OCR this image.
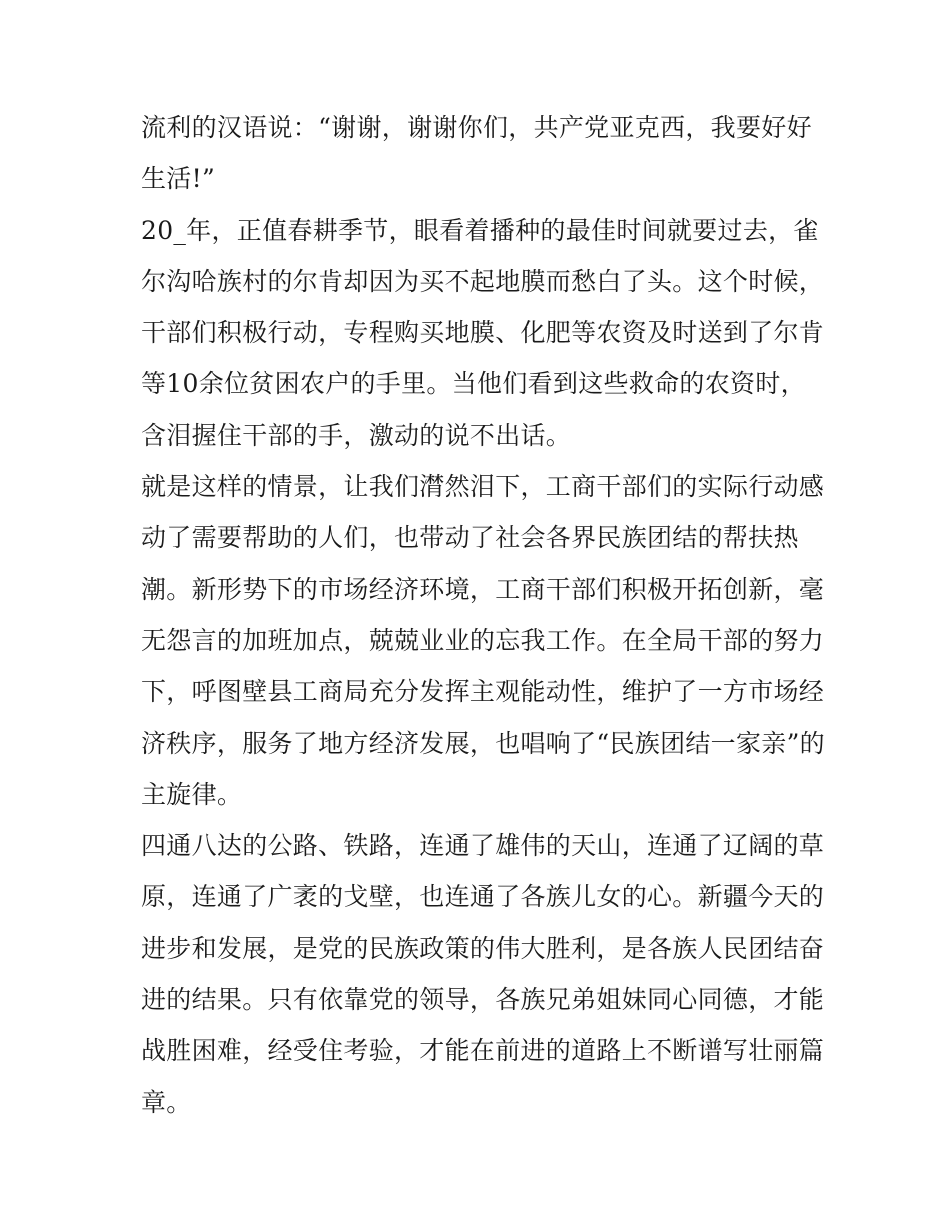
流利的汉语说：“谢谢，谢谢你们，共产党亚克西，我要好好
生活!”
20_年，正值春耕季节，眼看着播种的最佳时间就要过去，雀
尔沟哈族村的尔肯却因为买不起地膜而愁白了头。这个时候，
干部们积极行动，专程购买地膜、化肥等农资及时送到了尔肯
等10余位贫困农户的手里。当他们看到这些救命的农资时，
含泪握住干部的手，激动的说不出话。
就是这样的情景，让我们潸然泪下，工商干部们的实际行动感
动了需要帮助的人们，也带动了社会各界民族团结的帮扶热
潮。新形势下的市场经济环境，工商干部们积极开拓创新，毫
无怨言的加班加点，兢兢业业的忘我工作。在全局干部的努力
下，呼图壁县工商局充分发挥主观能动性，维护了一方市场经
济秩序，服务了地方经济发展，也唱响了“民族团结一家亲”的
主旋律。
四通八达的公路、铁路，连通了雄伟的天山，连通了辽阔的草
原，连通了广袤的戈壁，也连通了各族儿女的心。新疆今天的
进步和发展，是党的民族政策的伟大胜利，是各族人民团结奋
进的结果。只有依靠党的领导，各族兄弟姐妹同心同德，才能
战胜困难，经受住考验，才能在前进的道路上不断谱写壮丽篇
章。
